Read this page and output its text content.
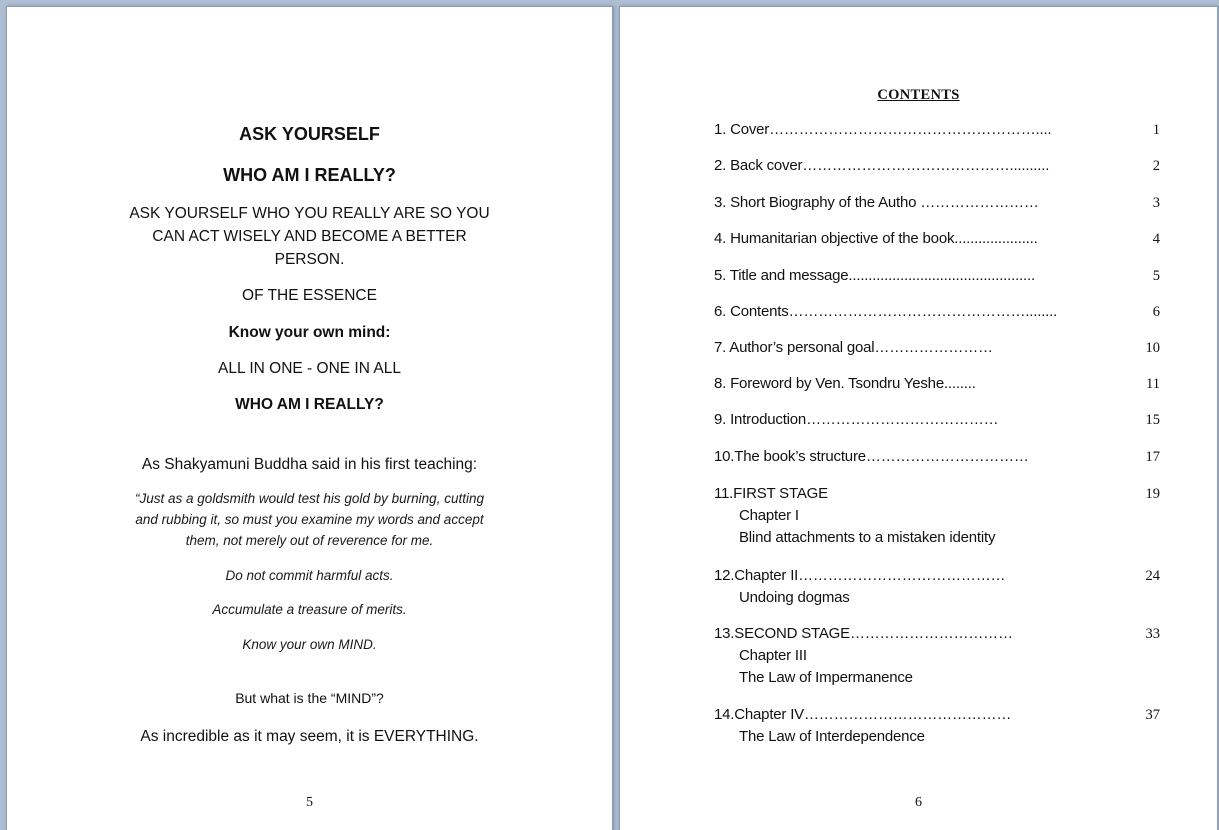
ASK YOURSELF
WHO AM I REALLY?
ASK YOURSELF WHO YOU REALLY ARE SO YOU
CAN ACT WISELY AND BECOME A BETTER
PERSON.
OF THE ESSENCE
Know your own mind:
ALL IN ONE - ONE IN ALL
WHO AM I REALLY?
As Shakyamuni Buddha said in his first teaching:
“Just as a goldsmith would test his gold by burning, cutting
and rubbing it, so must you examine my words and accept
them, not merely out of reverence for me.
Do not commit harmful acts.
Accumulate a treasure of merits.
Know your own MIND.
But what is the “MIND”?
As incredible as it may seem, it is EVERYTHING.
5
CONTENTS
1. Cover………………………………………………....	1
2. Back cover……………………………………..........	2
3. Short Biography of the Autho ……………………	3
4. Humanitarian objective of the book.....................	4
5. Title and message...............................................	5
6. Contents…………………………………………........	6
7. Author’s personal goal……………………	10
8. Foreword by Ven. Tsondru Yeshe........	11
9. Introduction…………………………………	15
10.The book’s structure……………………………	17
11.FIRST STAGE	19
Chapter I
Blind attachments to a mistaken identity
12.Chapter II……………………………………	24
Undoing dogmas
13.SECOND STAGE……………………………	33
Chapter III
The Law of Impermanence
14.Chapter IV……………………………………	37
The Law of Interdependence
6
